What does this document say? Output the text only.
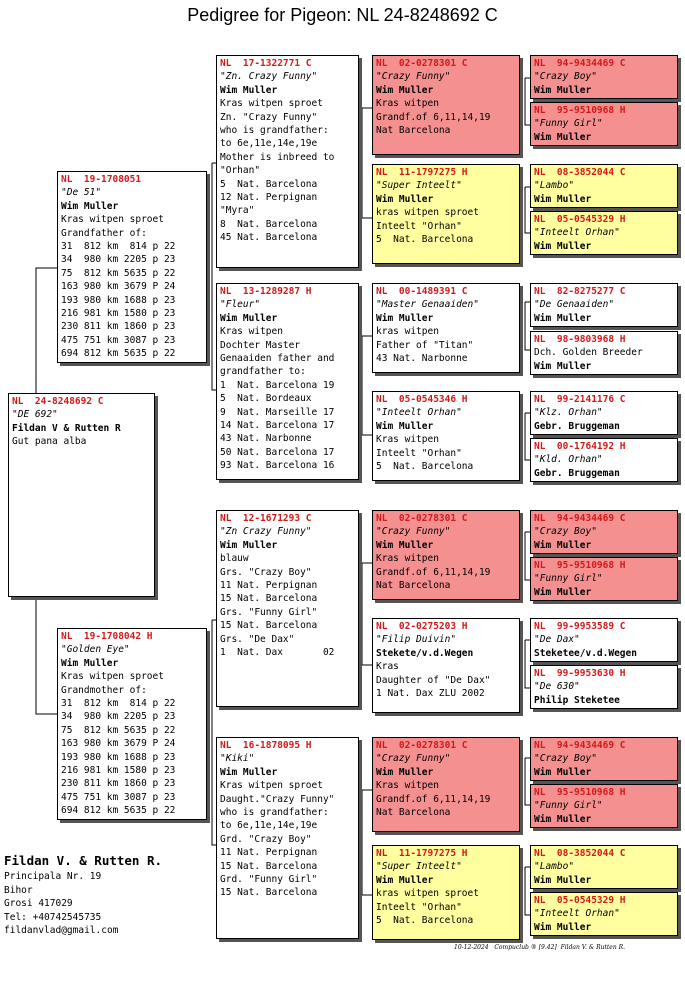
Pedigree for Pigeon: NL 24-8248692 C
NL  24-8248692 C
"DE 692"
Fildan V & Rutten R
Gut pana alba
NL  19-1708051
"De 51"
Wim Muller
Kras witpen sproet
Grandfather of:
31  812 km  814 p 22
34  980 km 2205 p 23
75  812 km 5635 p 22
163 980 km 3679 P 24
193 980 km 1688 p 23
216 981 km 1580 p 23
230 811 km 1860 p 23
475 751 km 3087 p 23
694 812 km 5635 p 22
NL  19-1708042 H
"Golden Eye"
Wim Muller
Kras witpen sproet
Grandmother of:
31  812 km  814 p 22
34  980 km 2205 p 23
75  812 km 5635 p 22
163 980 km 3679 P 24
193 980 km 1688 p 23
216 981 km 1580 p 23
230 811 km 1860 p 23
475 751 km 3087 p 23
694 812 km 5635 p 22
NL  17-1322771 C
"Zn. Crazy Funny"
Wim Muller
Kras witpen sproet
Zn. "Crazy Funny"
who is grandfather:
to 6e,11e,14e,19e
Mother is inbreed to
"Orhan"
5  Nat. Barcelona
12 Nat. Perpignan
"Myra"
8  Nat. Barcelona
45 Nat. Barcelona
NL  13-1289287 H
"Fleur"
Wim Muller
Kras witpen
Dochter Master
Genaaiden father and
grandfather to:
1  Nat. Barcelona 19
5  Nat. Bordeaux
9  Nat. Marseille 17
14 Nat. Barcelona 17
43 Nat. Narbonne
50 Nat. Barcelona 17
93 Nat. Barcelona 16
NL  12-1671293 C
"Zn Crazy Funny"
Wim Muller
blauw
Grs. "Crazy Boy"
11 Nat. Perpignan
15 Nat. Barcelona
Grs. "Funny Girl"
15 Nat. Barcelona
Grs. "De Dax"
1  Nat. Dax       02
NL  16-1878095 H
"Kiki"
Wim Muller
Kras witpen sproet
Daught."Crazy Funny"
who is grandfather:
to 6e,11e,14e,19e
Grd. "Crazy Boy"
11 Nat. Perpignan
15 Nat. Barcelona
Grd. "Funny Girl"
15 Nat. Barcelona
NL  02-0278301 C
"Crazy Funny"
Wim Muller
Kras witpen
Grandf.of 6,11,14,19
Nat Barcelona
NL  11-1797275 H
"Super Inteelt"
Wim Muller
kras witpen sproet
Inteelt "Orhan"
5  Nat. Barcelona
NL  00-1489391 C
"Master Genaaiden"
Wim Muller
kras witpen
Father of "Titan"
43 Nat. Narbonne
NL  05-0545346 H
"Inteelt Orhan"
Wim Muller
Kras witpen
Inteelt "Orhan"
5  Nat. Barcelona
NL  02-0278301 C
"Crazy Funny"
Wim Muller
Kras witpen
Grandf.of 6,11,14,19
Nat Barcelona
NL  02-0275203 H
"Filip Duivin"
Stekete/v.d.Wegen
Kras
Daughter of "De Dax"
1 Nat. Dax ZLU 2002
NL  02-0278301 C
"Crazy Funny"
Wim Muller
Kras witpen
Grandf.of 6,11,14,19
Nat Barcelona
NL  11-1797275 H
"Super Inteelt"
Wim Muller
kras witpen sproet
Inteelt "Orhan"
5  Nat. Barcelona
NL  94-9434469 C
"Crazy Boy"
Wim Muller
NL  95-9510968 H
"Funny Girl"
Wim Muller
NL  08-3852044 C
"Lambo"
Wim Muller
NL  05-0545329 H
"Inteelt Orhan"
Wim Muller
NL  82-8275277 C
"De Genaaiden"
Wim Muller
NL  98-9803968 H
Dch. Golden Breeder
Wim Muller
NL  99-2141176 C
"Klz. Orhan"
Gebr. Bruggeman
NL  00-1764192 H
"Kld. Orhan"
Gebr. Bruggeman
NL  94-9434469 C
"Crazy Boy"
Wim Muller
NL  95-9510968 H
"Funny Girl"
Wim Muller
NL  99-9953589 C
"De Dax"
Steketee/v.d.Wegen
NL  99-9953630 H
"De 630"
Philip Steketee
NL  94-9434469 C
"Crazy Boy"
Wim Muller
NL  95-9510968 H
"Funny Girl"
Wim Muller
NL  08-3852044 C
"Lambo"
Wim Muller
NL  05-0545329 H
"Inteelt Orhan"
Wim Muller
Fildan V. & Rutten R.
Principala Nr. 19
Bihor
Grosi 417029
Tel: +40742545735
fildanvlad@gmail.com
10-12-2024   Compuclub ® [9.42]  Fildan V. & Rutten R.
